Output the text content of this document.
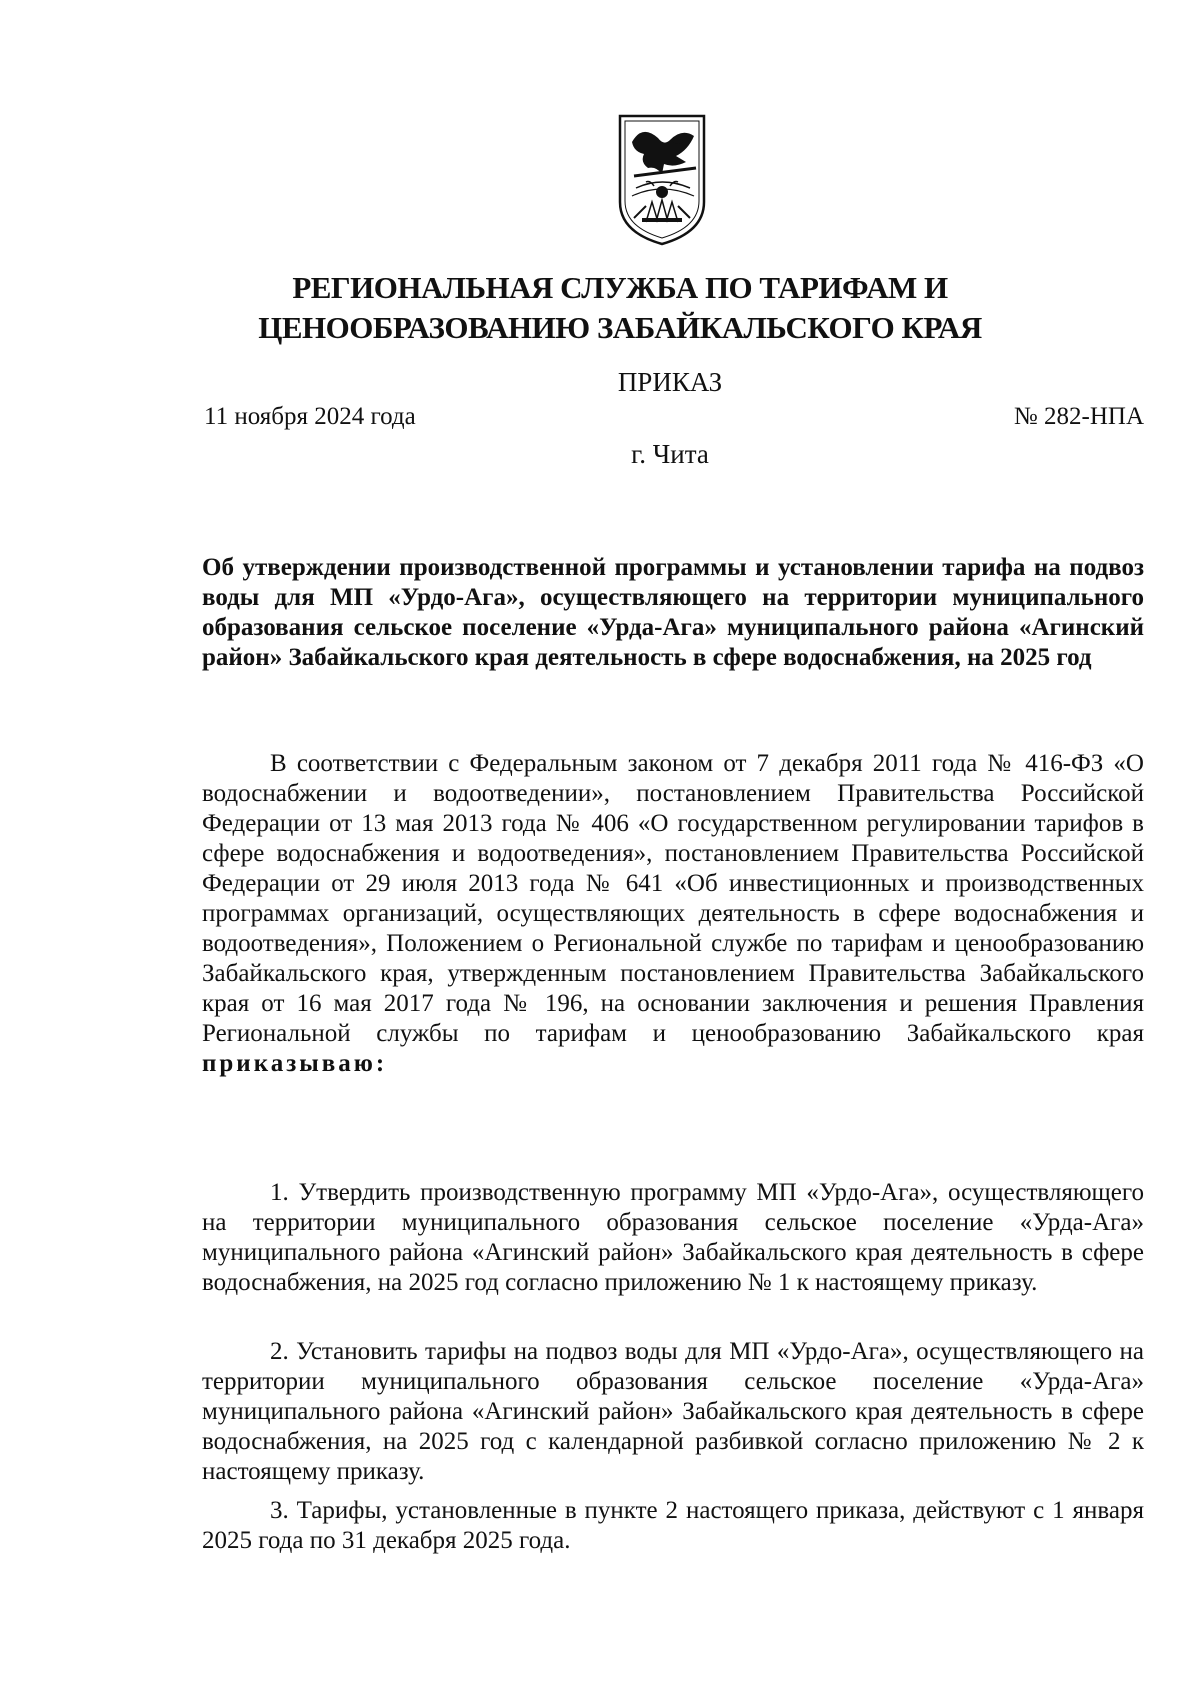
РЕГИОНАЛЬНАЯ СЛУЖБА ПО ТАРИФАМ И
ЦЕНООБРАЗОВАНИЮ ЗАБАЙКАЛЬСКОГО КРАЯ
ПРИКАЗ
11 ноября 2024 года	№ 282-НПА
г. Чита
Об утверждении производственной программы и установлении тарифа на подвоз воды для МП «Урдо-Ага», осуществляющего на территории муниципального образования сельское поселение «Урда-Ага» муниципального района «Агинский район» Забайкальского края деятельность в сфере водоснабжения, на 2025 год
В соответствии с Федеральным законом от 7 декабря 2011 года № 416-ФЗ «О водоснабжении и водоотведении», постановлением Правительства Российской Федерации от 13 мая 2013 года № 406 «О государственном регулировании тарифов в сфере водоснабжения и водоотведения», постановлением Правительства Российской Федерации от 29 июля 2013 года № 641 «Об инвестиционных и производственных программах организаций, осуществляющих деятельность в сфере водоснабжения и водоотведения», Положением о Региональной службе по тарифам и ценообразованию Забайкальского края, утвержденным постановлением Правительства Забайкальского края от 16 мая 2017 года № 196, на основании заключения и решения Правления Региональной службы по тарифам и ценообразованию Забайкальского края приказываю:
1. Утвердить производственную программу МП «Урдо-Ага», осуществляющего на территории муниципального образования сельское поселение «Урда-Ага» муниципального района «Агинский район» Забайкальского края деятельность в сфере водоснабжения, на 2025 год согласно приложению № 1 к настоящему приказу.
2. Установить тарифы на подвоз воды для МП «Урдо-Ага», осуществляющего на территории муниципального образования сельское поселение «Урда-Ага» муниципального района «Агинский район» Забайкальского края деятельность в сфере водоснабжения, на 2025 год с календарной разбивкой согласно приложению № 2 к настоящему приказу.
3. Тарифы, установленные в пункте 2 настоящего приказа, действуют с 1 января 2025 года по 31 декабря 2025 года.
